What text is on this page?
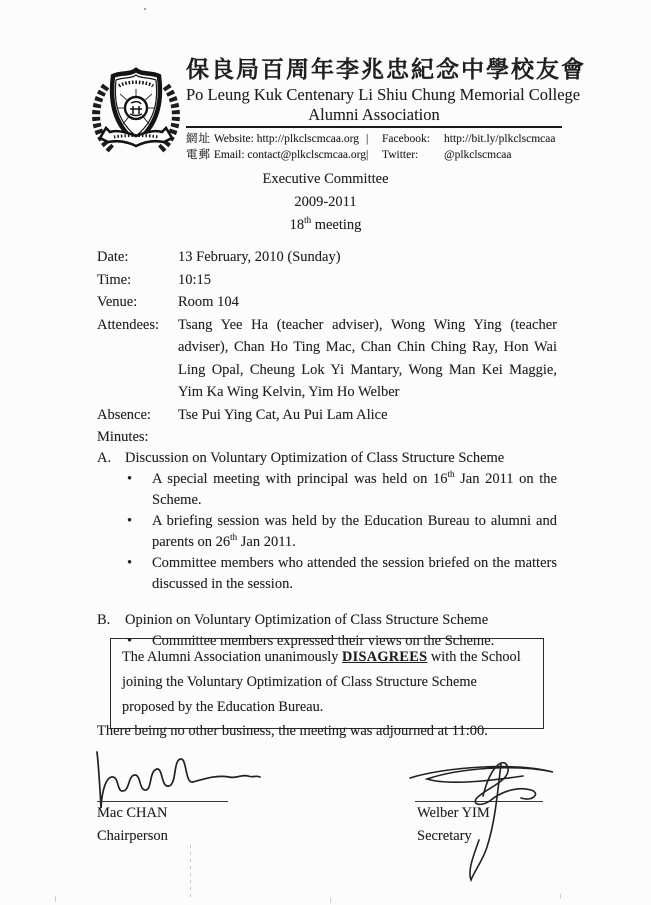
保良局百周年李兆忠紀念中學校友會
Po Leung Kuk Centenary Li Shiu Chung Memorial College
Alumni Association
網址 Website: http://plkclscmcaa.org |	Facebook:	http://bit.ly/plkclscmcaa
電郵 Email: contact@plkclscmcaa.org |	Twitter:	@plkclscmcaa
Executive Committee
2009-2011
18th meeting
Date:	13 February, 2010 (Sunday)
Time:	10:15
Venue:	Room 104
Attendees:	Tsang Yee Ha (teacher adviser), Wong Wing Ying (teacher adviser), Chan Ho Ting Mac, Chan Chin Ching Ray, Hon Wai Ling Opal, Cheung Lok Yi Mantary, Wong Man Kei Maggie, Yim Ka Wing Kelvin, Yim Ho Welber
Absence:	Tse Pui Ying Cat, Au Pui Lam Alice
Minutes:
A. Discussion on Voluntary Optimization of Class Structure Scheme
•	A special meeting with principal was held on 16th Jan 2011 on the Scheme.
•	A briefing session was held by the Education Bureau to alumni and parents on 26th Jan 2011.
•	Committee members who attended the session briefed on the matters discussed in the session.
B.	Opinion on Voluntary Optimization of Class Structure Scheme
•	Committee members expressed their views on the Scheme.
The Alumni Association unanimously DISAGREES with the School joining the Voluntary Optimization of Class Structure Scheme proposed by the Education Bureau.
There being no other business, the meeting was adjourned at 11:00.
Mac CHAN
Chairperson
Welber YIM
Secretary
